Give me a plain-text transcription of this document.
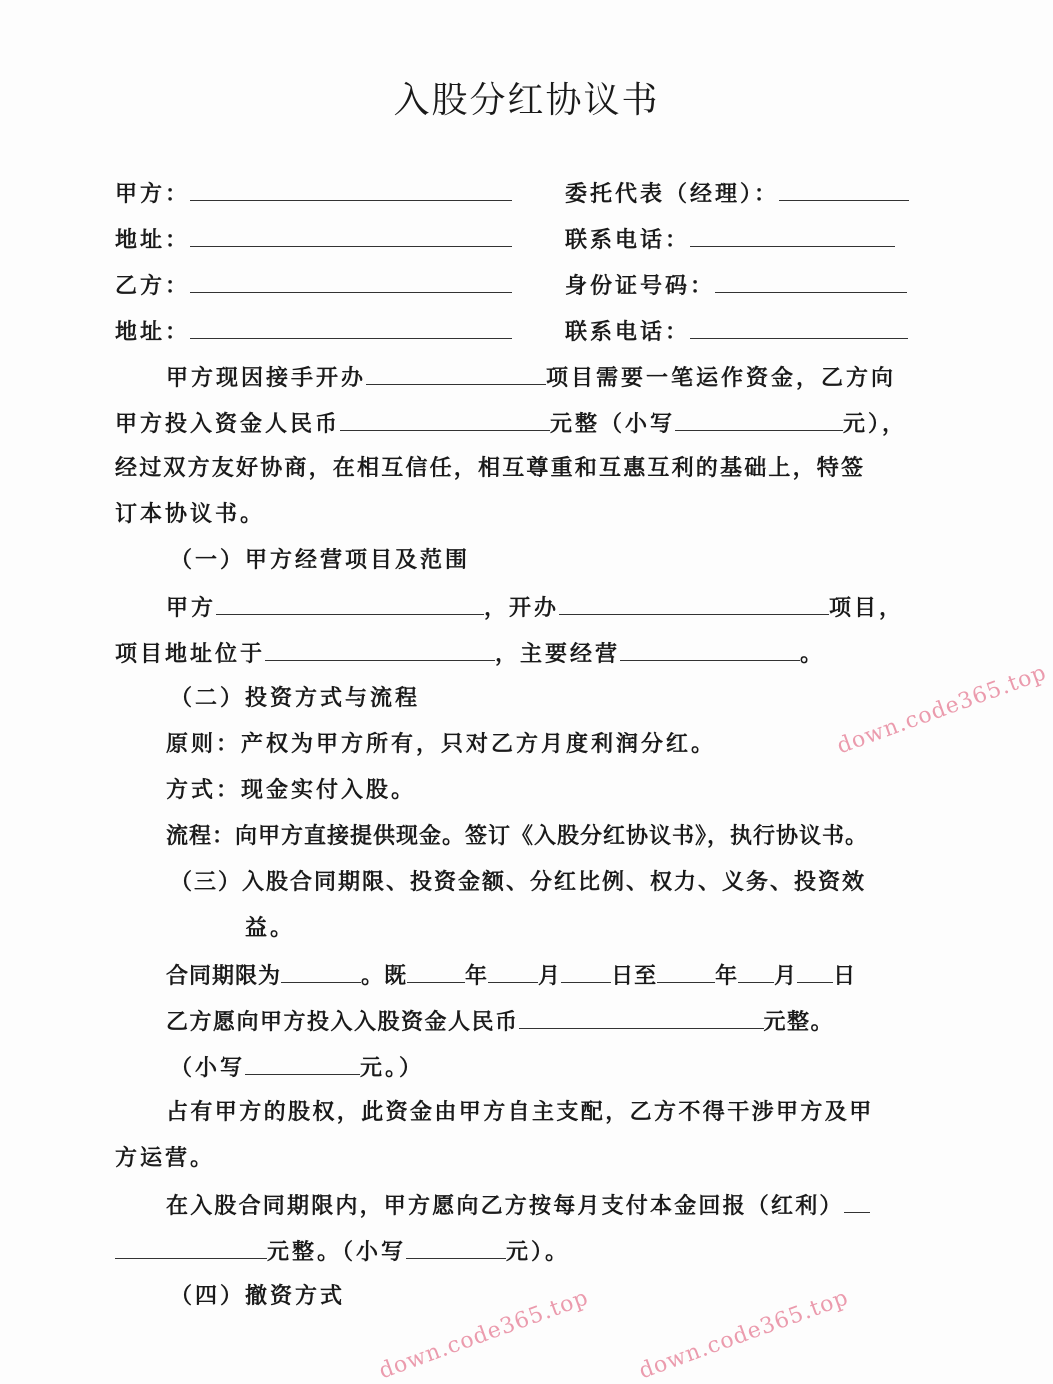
入股分红协议书
甲方：	委托代表（经理）：
地址：	联系电话：
乙方：	身份证号码：
地址：	联系电话：
甲方现因接手开办	项目需要一笔运作资金，乙方向
甲方投入资金人民币	元整（小写	元），
经过双方友好协商，在相互信任，相互尊重和互惠互利的基础上，特签
订本协议书。
（一）甲方经营项目及范围
甲方	，开办	项目，
项目地址位于	，主要经营	。
（二）投资方式与流程
原则：产权为甲方所有，只对乙方月度利润分红。
方式：现金实付入股。
流程：向甲方直接提供现金。签订《入股分红协议书》，执行协议书。
（三）入股合同期限、投资金额、分红比例、权力、义务、投资效
益。
合同期限为	。既	年 月 日至	年 月 日
乙方愿向甲方投入入股资金人民币	元整。
（小写	元。）
占有甲方的股权，此资金由甲方自主支配，乙方不得干涉甲方及甲
方运营。
在入股合同期限内，甲方愿向乙方按每月支付本金回报（红利）
元整。（小写	元）。
（四）撤资方式 down.code365.top down.code365.top
down.code365.top
